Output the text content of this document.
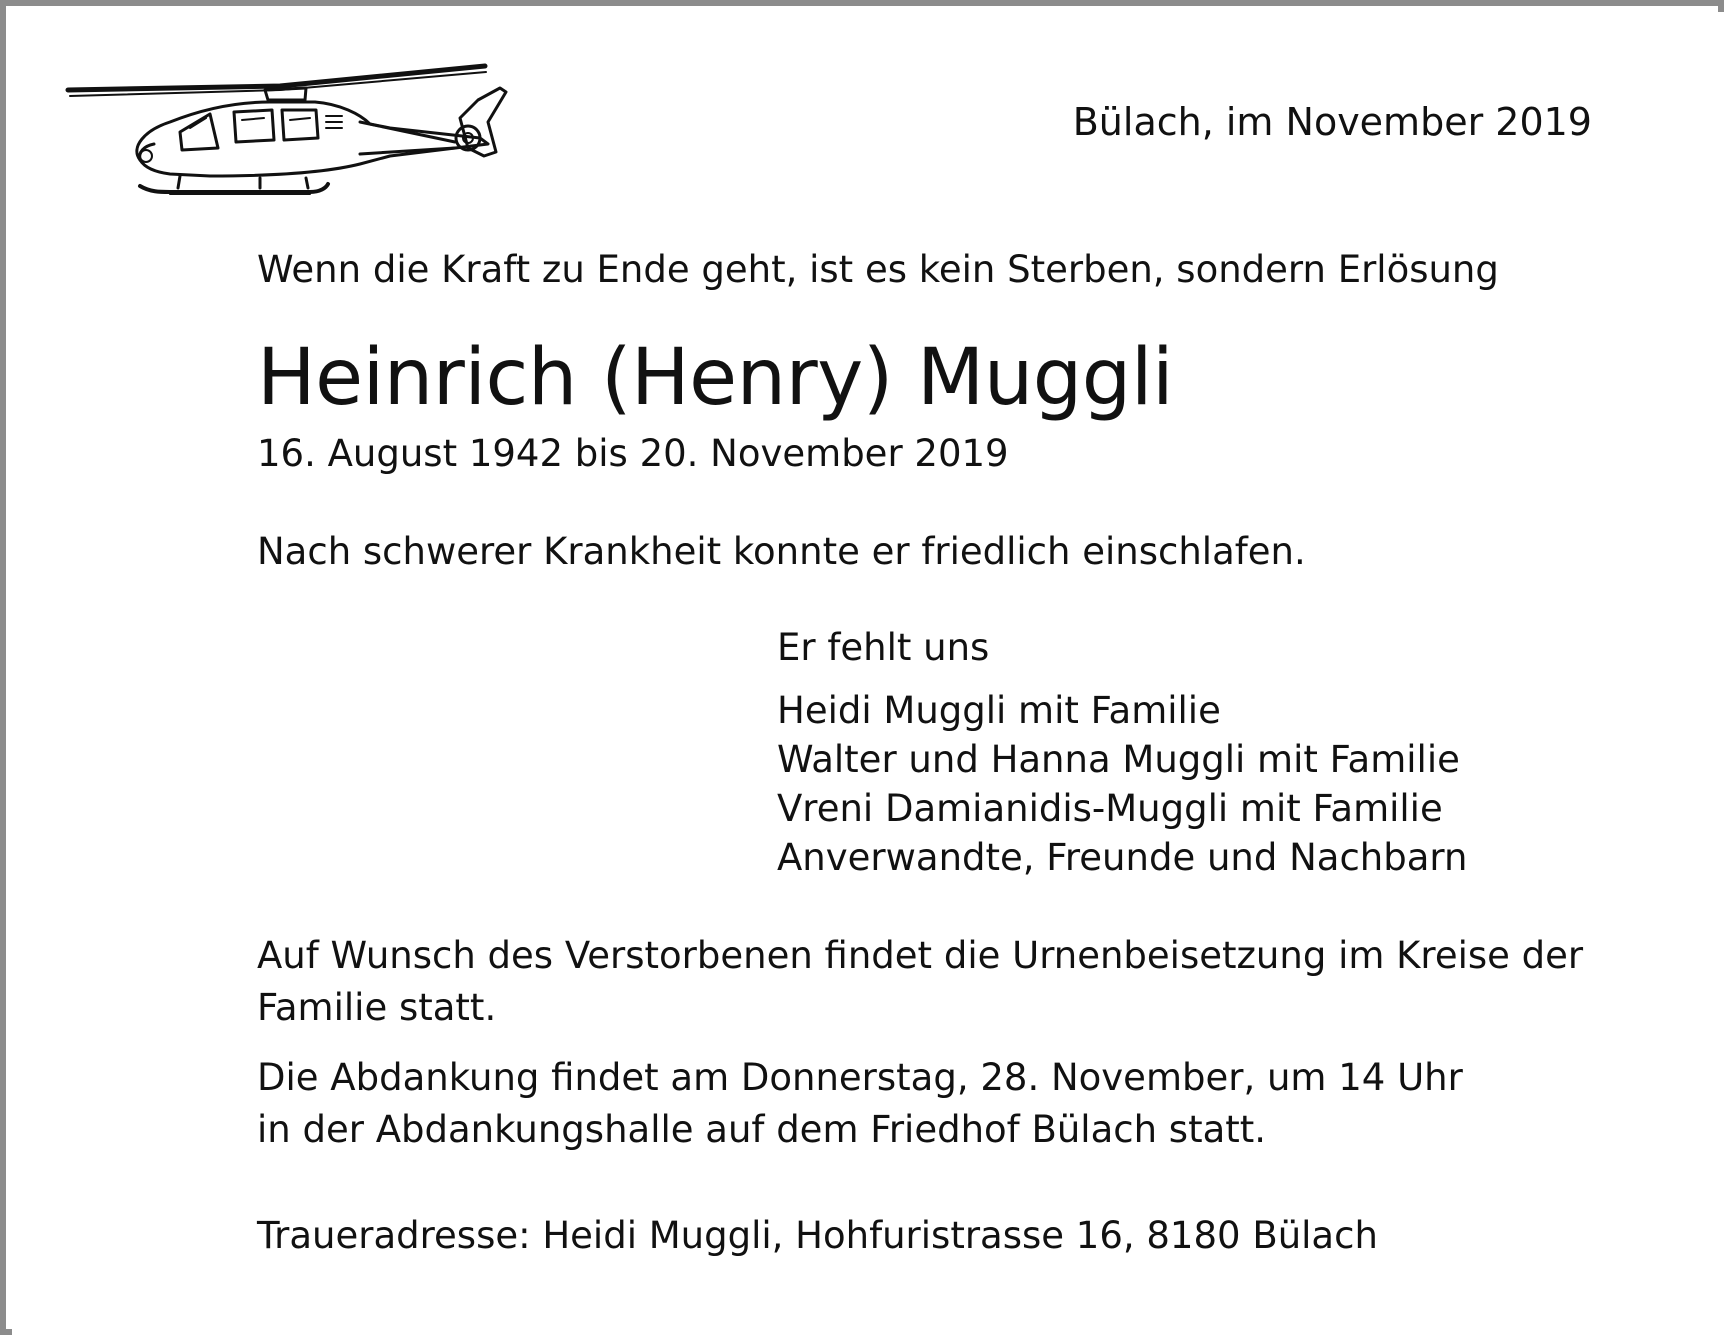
Bülach, im November 2019
Wenn die Kraft zu Ende geht, ist es kein Sterben, sondern Erlösung
Heinrich (Henry) Muggli
16. August 1942 bis 20. November 2019
Nach schwerer Krankheit konnte er friedlich einschlafen.
Er fehlt uns
Heidi Muggli mit Familie
Walter und Hanna Muggli mit Familie
Vreni Damianidis-Muggli mit Familie
Anverwandte, Freunde und Nachbarn
Auf Wunsch des Verstorbenen findet die Urnenbeisetzung im Kreise der
Familie statt.
Die Abdankung findet am Donnerstag, 28. November, um 14 Uhr
in der Abdankungshalle auf dem Friedhof Bülach statt.
Traueradresse: Heidi Muggli, Hohfuristrasse 16, 8180 Bülach
